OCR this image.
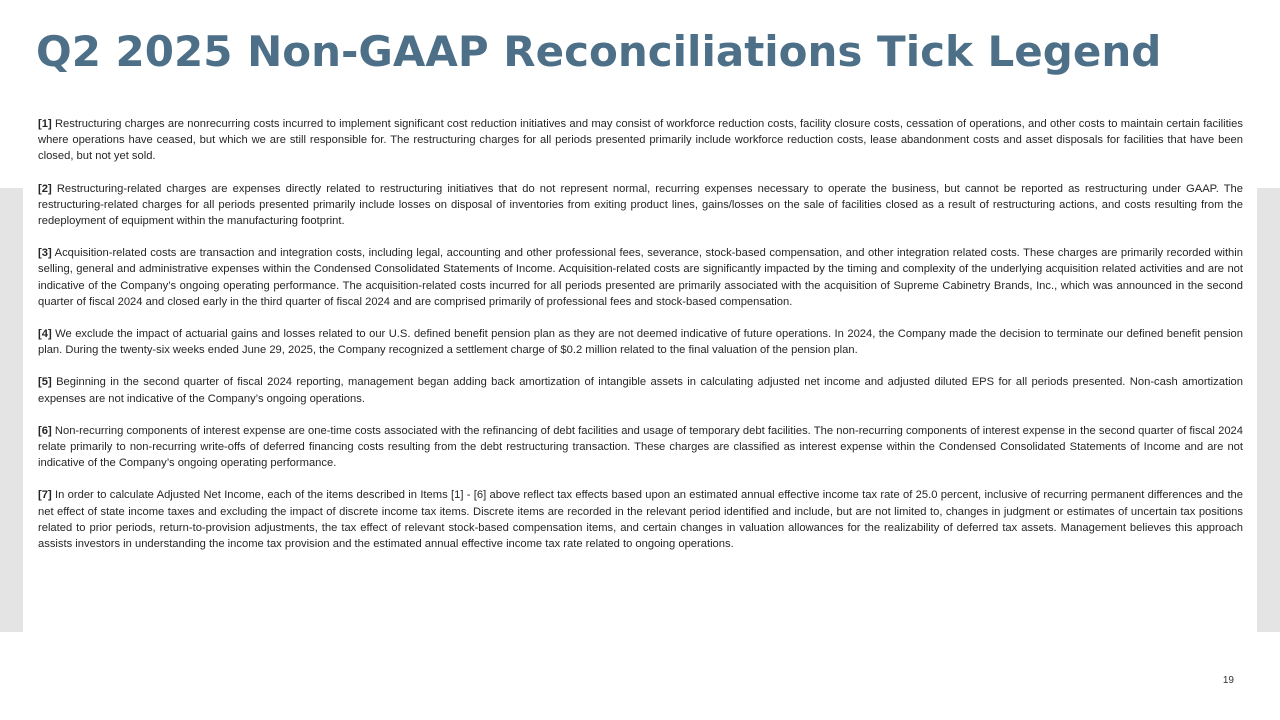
Q2 2025 Non-GAAP Reconciliations Tick Legend

[1] Restructuring charges are nonrecurring costs incurred to implement significant cost reduction initiatives and may consist of workforce reduction costs, facility closure costs, cessation of operations, and other costs to maintain certain facilities where operations have ceased, but which we are still responsible for. The restructuring charges for all periods presented primarily include workforce reduction costs, lease abandonment costs and asset disposals for facilities that have been closed, but not yet sold.

[2] Restructuring-related charges are expenses directly related to restructuring initiatives that do not represent normal, recurring expenses necessary to operate the business, but cannot be reported as restructuring under GAAP. The restructuring-related charges for all periods presented primarily include losses on disposal of inventories from exiting product lines, gains/losses on the sale of facilities closed as a result of restructuring actions, and costs resulting from the redeployment of equipment within the manufacturing footprint.

[3] Acquisition-related costs are transaction and integration costs, including legal, accounting and other professional fees, severance, stock-based compensation, and other integration related costs. These charges are primarily recorded within selling, general and administrative expenses within the Condensed Consolidated Statements of Income. Acquisition-related costs are significantly impacted by the timing and complexity of the underlying acquisition related activities and are not indicative of the Company’s ongoing operating performance. The acquisition-related costs incurred for all periods presented are primarily associated with the acquisition of Supreme Cabinetry Brands, Inc., which was announced in the second quarter of fiscal 2024 and closed early in the third quarter of fiscal 2024 and are comprised primarily of professional fees and stock-based compensation.

[4] We exclude the impact of actuarial gains and losses related to our U.S. defined benefit pension plan as they are not deemed indicative of future operations. In 2024, the Company made the decision to terminate our defined benefit pension plan. During the twenty-six weeks ended June 29, 2025, the Company recognized a settlement charge of $0.2 million related to the final valuation of the pension plan.

[5] Beginning in the second quarter of fiscal 2024 reporting, management began adding back amortization of intangible assets in calculating adjusted net income and adjusted diluted EPS for all periods presented. Non-cash amortization expenses are not indicative of the Company’s ongoing operations.

[6] Non-recurring components of interest expense are one-time costs associated with the refinancing of debt facilities and usage of temporary debt facilities. The non-recurring components of interest expense in the second quarter of fiscal 2024 relate primarily to non-recurring write-offs of deferred financing costs resulting from the debt restructuring transaction. These charges are classified as interest expense within the Condensed Consolidated Statements of Income and are not indicative of the Company’s ongoing operating performance.

[7] In order to calculate Adjusted Net Income, each of the items described in Items [1] - [6] above reflect tax effects based upon an estimated annual effective income tax rate of 25.0 percent, inclusive of recurring permanent differences and the net effect of state income taxes and excluding the impact of discrete income tax items. Discrete items are recorded in the relevant period identified and include, but are not limited to, changes in judgment or estimates of uncertain tax positions related to prior periods, return-to-provision adjustments, the tax effect of relevant stock-based compensation items, and certain changes in valuation allowances for the realizability of deferred tax assets. Management believes this approach assists investors in understanding the income tax provision and the estimated annual effective income tax rate related to ongoing operations.

19
